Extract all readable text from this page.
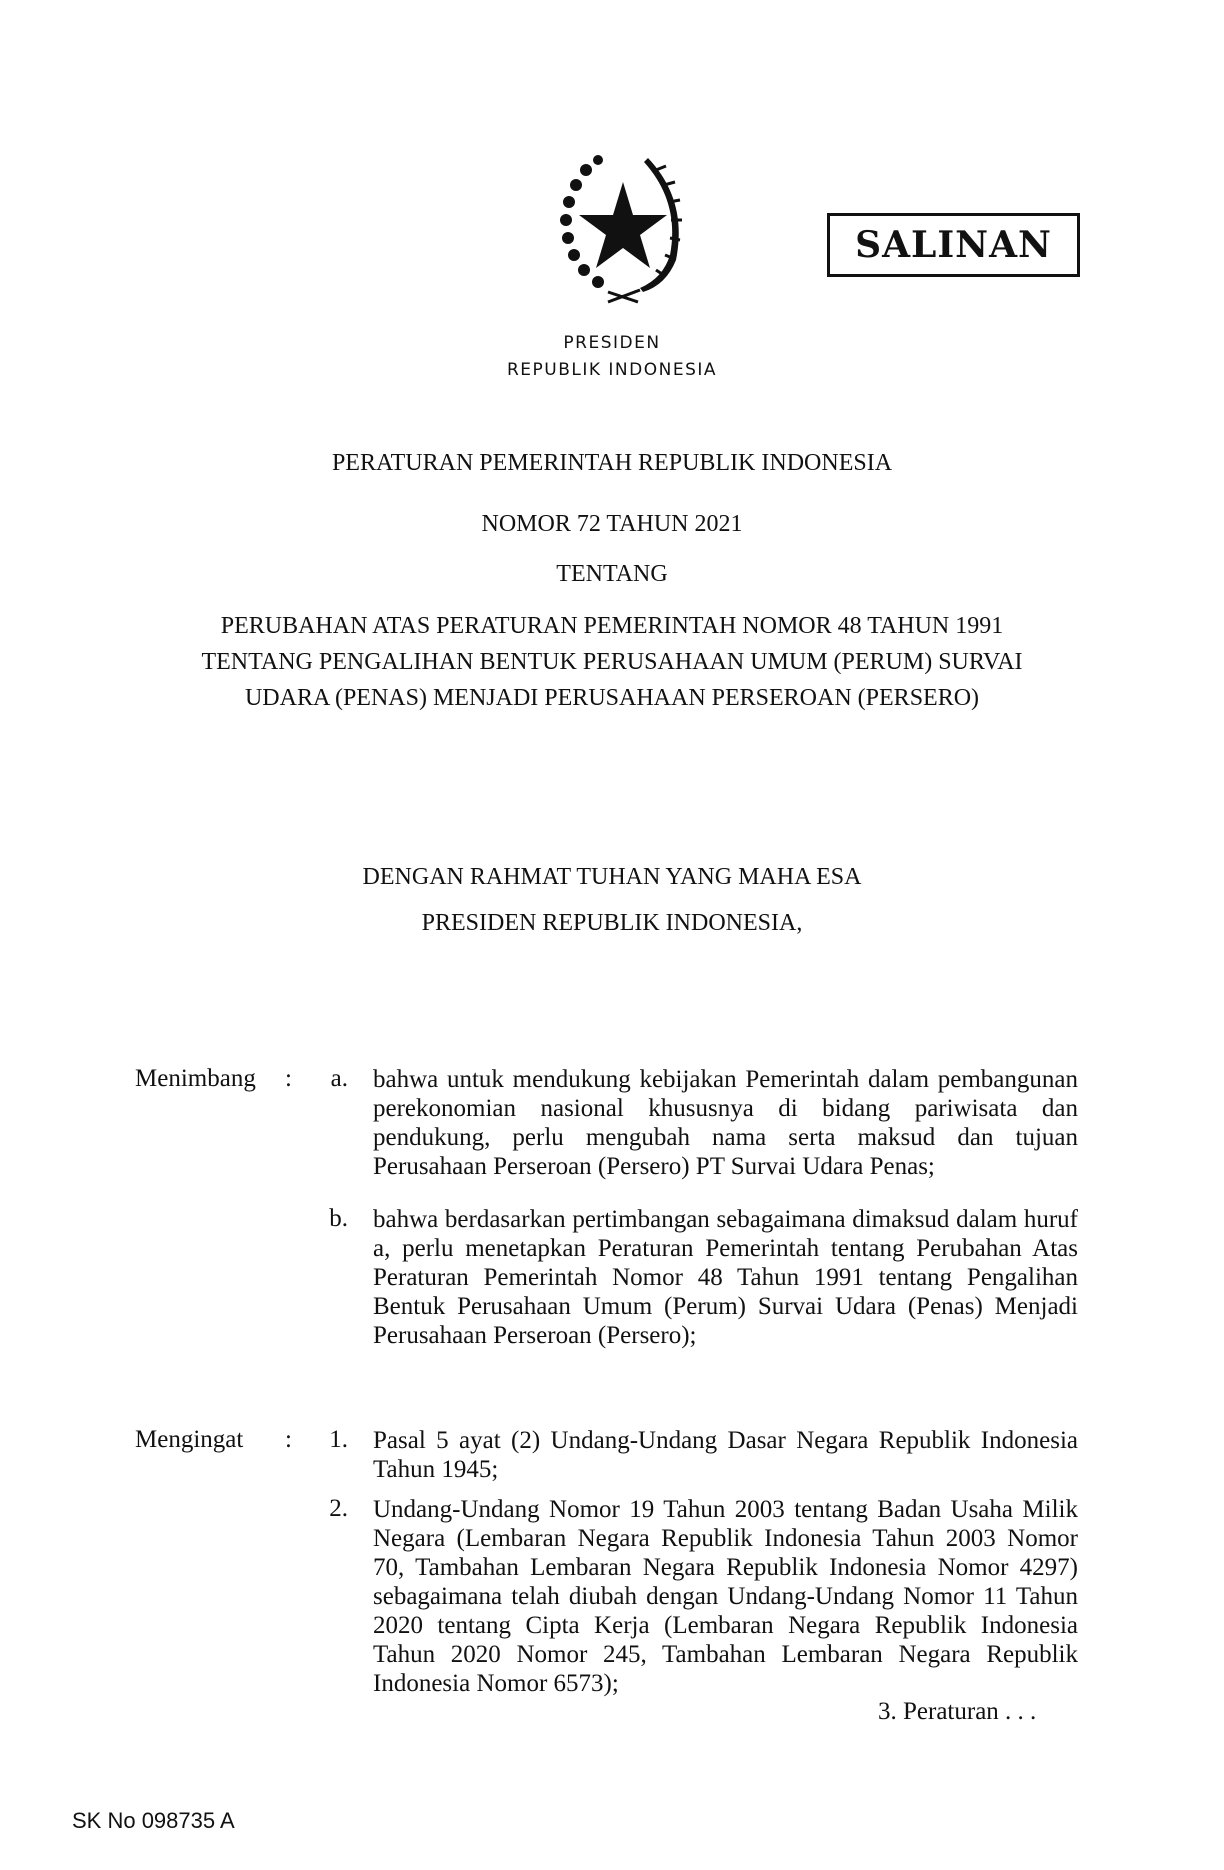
SALINAN
PRESIDEN
REPUBLIK INDONESIA
PERATURAN PEMERINTAH REPUBLIK INDONESIA
NOMOR 72 TAHUN 2021
TENTANG
PERUBAHAN ATAS PERATURAN PEMERINTAH NOMOR 48 TAHUN 1991
TENTANG PENGALIHAN BENTUK PERUSAHAAN UMUM (PERUM) SURVAI
UDARA (PENAS) MENJADI PERUSAHAAN PERSEROAN (PERSERO)
DENGAN RAHMAT TUHAN YANG MAHA ESA
PRESIDEN REPUBLIK INDONESIA,
Menimbang :	a. bahwa untuk mendukung kebijakan Pemerintah dalam pembangunan perekonomian nasional khususnya di bidang pariwisata dan pendukung, perlu mengubah nama serta maksud dan tujuan Perusahaan Perseroan (Persero) PT Survai Udara Penas;
b. bahwa berdasarkan pertimbangan sebagaimana dimaksud dalam huruf a, perlu menetapkan Peraturan Pemerintah tentang Perubahan Atas Peraturan Pemerintah Nomor 48 Tahun 1991 tentang Pengalihan Bentuk Perusahaan Umum (Perum) Survai Udara (Penas) Menjadi Perusahaan Perseroan (Persero);
Mengingat :	1. Pasal 5 ayat (2) Undang-Undang Dasar Negara Republik Indonesia Tahun 1945;
2. Undang-Undang Nomor 19 Tahun 2003 tentang Badan Usaha Milik Negara (Lembaran Negara Republik Indonesia Tahun 2003 Nomor 70, Tambahan Lembaran Negara Republik Indonesia Nomor 4297) sebagaimana telah diubah dengan Undang-Undang Nomor 11 Tahun 2020 tentang Cipta Kerja (Lembaran Negara Republik Indonesia Tahun 2020 Nomor 245, Tambahan Lembaran Negara Republik Indonesia Nomor 6573);
3. Peraturan . . .
SK No 098735 A
